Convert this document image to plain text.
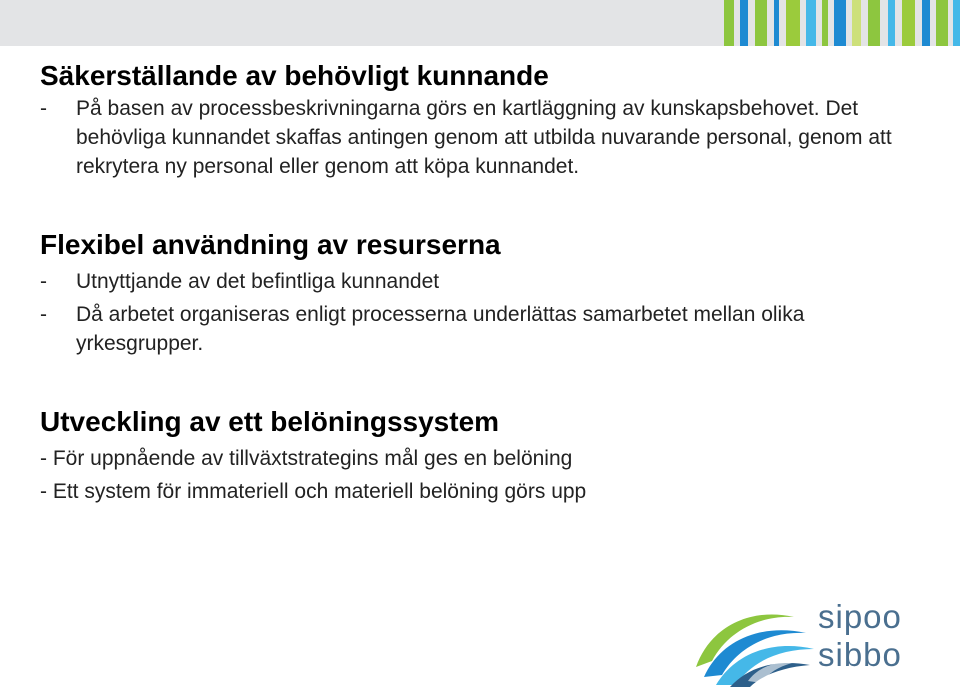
Säkerställande av behövligt kunnande
-	På basen av processbeskrivningarna görs en kartläggning av kunskapsbehovet. Det behövliga kunnandet skaffas antingen genom att utbilda nuvarande personal, genom att rekrytera ny personal eller genom att köpa kunnandet.
Flexibel användning av resurserna
-	Utnyttjande av det befintliga kunnandet
-	Då arbetet organiseras enligt processerna underlättas samarbetet mellan olika yrkesgrupper.
Utveckling av ett belöningssystem
- För uppnående av tillväxtstrategins mål ges en belöning
- Ett system för immateriell och materiell belöning görs upp
sipoo
sibbo
